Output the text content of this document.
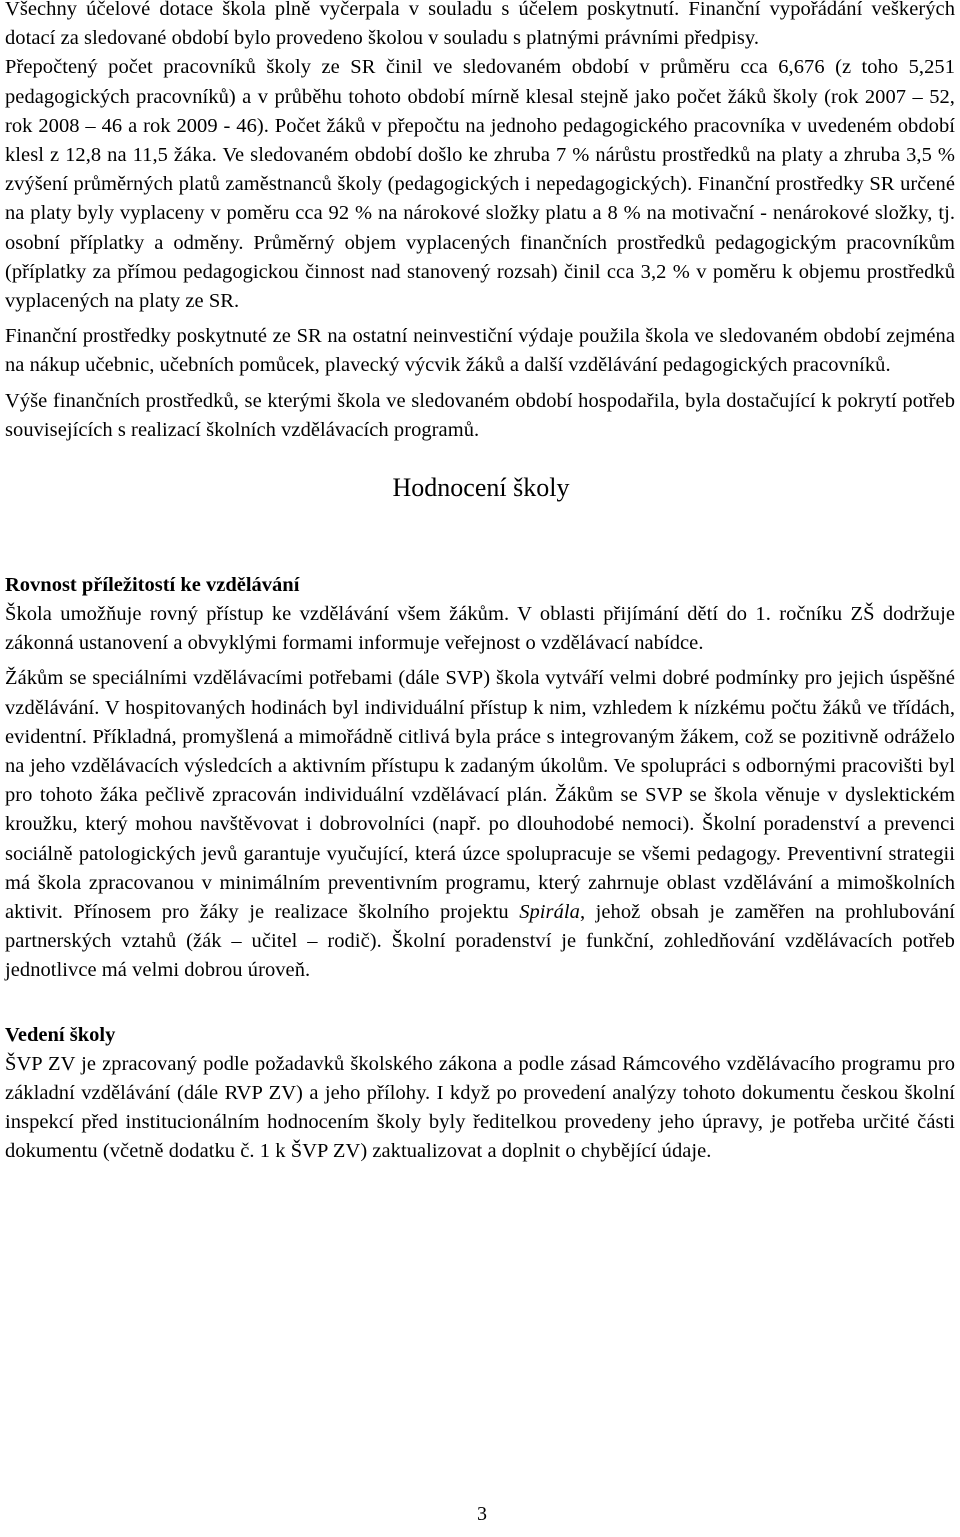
Všechny účelové dotace škola plně vyčerpala v souladu s účelem poskytnutí. Finanční vypořádání veškerých dotací za sledované období bylo provedeno školou v souladu s platnými právními předpisy.

Přepočtený počet pracovníků školy ze SR činil ve sledovaném období v průměru cca 6,676 (z toho 5,251 pedagogických pracovníků) a v průběhu tohoto období mírně klesal stejně jako počet žáků školy (rok 2007 – 52, rok 2008 – 46 a rok 2009 - 46). Počet žáků v přepočtu na jednoho pedagogického pracovníka v uvedeném období klesl z 12,8 na 11,5 žáka. Ve sledovaném období došlo ke zhruba 7 % nárůstu prostředků na platy a zhruba 3,5 % zvýšení průměrných platů zaměstnanců školy (pedagogických i nepedagogických). Finanční prostředky SR určené na platy byly vyplaceny v poměru cca 92 % na nárokové složky platu a 8 % na motivační - nenárokové složky, tj. osobní příplatky a odměny. Průměrný objem vyplacených finančních prostředků pedagogickým pracovníkům (příplatky za přímou pedagogickou činnost nad stanovený rozsah) činil cca 3,2 % v poměru k objemu prostředků vyplacených na platy ze SR.

Finanční prostředky poskytnuté ze SR na ostatní neinvestiční výdaje použila škola ve sledovaném období zejména na nákup učebnic, učebních pomůcek, plavecký výcvik žáků a další vzdělávání pedagogických pracovníků.

Výše finančních prostředků, se kterými škola ve sledovaném období hospodařila, byla dostačující k pokrytí potřeb souvisejících s realizací školních vzdělávacích programů.

Hodnocení školy
Rovnost příležitostí ke vzdělávání

Škola umožňuje rovný přístup ke vzdělávání všem žákům. V oblasti přijímání dětí do 1. ročníku ZŠ dodržuje zákonná ustanovení a obvyklými formami informuje veřejnost o vzdělávací nabídce.

Žákům se speciálními vzdělávacími potřebami (dále SVP) škola vytváří velmi dobré podmínky pro jejich úspěšné vzdělávání. V hospitovaných hodinách byl individuální přístup k nim, vzhledem k nízkému počtu žáků ve třídách, evidentní. Příkladná, promyšlená a mimořádně citlivá byla práce s integrovaným žákem, což se pozitivně odráželo na jeho vzdělávacích výsledcích a aktivním přístupu k zadaným úkolům. Ve spolupráci s odbornými pracovišti byl pro tohoto žáka pečlivě zpracován individuální vzdělávací plán. Žákům se SVP se škola věnuje v dyslektickém kroužku, který mohou navštěvovat i dobrovolníci (např. po dlouhodobé nemoci). Školní poradenství a prevenci sociálně patologických jevů garantuje vyučující, která úzce spolupracuje se všemi pedagogy. Preventivní strategii má škola zpracovanou v minimálním preventivním programu, který zahrnuje oblast vzdělávání a mimoškolních aktivit. Přínosem pro žáky je realizace školního projektu Spirála, jehož obsah je zaměřen na prohlubování partnerských vztahů (žák – učitel – rodič). Školní poradenství je funkční, zohledňování vzdělávacích potřeb jednotlivce má velmi dobrou úroveň.

Vedení školy

ŠVP ZV je zpracovaný podle požadavků školského zákona a podle zásad Rámcového vzdělávacího programu pro základní vzdělávání (dále RVP ZV) a jeho přílohy. I když po provedení analýzy tohoto dokumentu českou školní inspekcí před institucionálním hodnocením školy byly ředitelkou provedeny jeho úpravy, je potřeba určité části dokumentu (včetně dodatku č. 1 k ŠVP ZV) zaktualizovat a doplnit o chybějící údaje.

3
